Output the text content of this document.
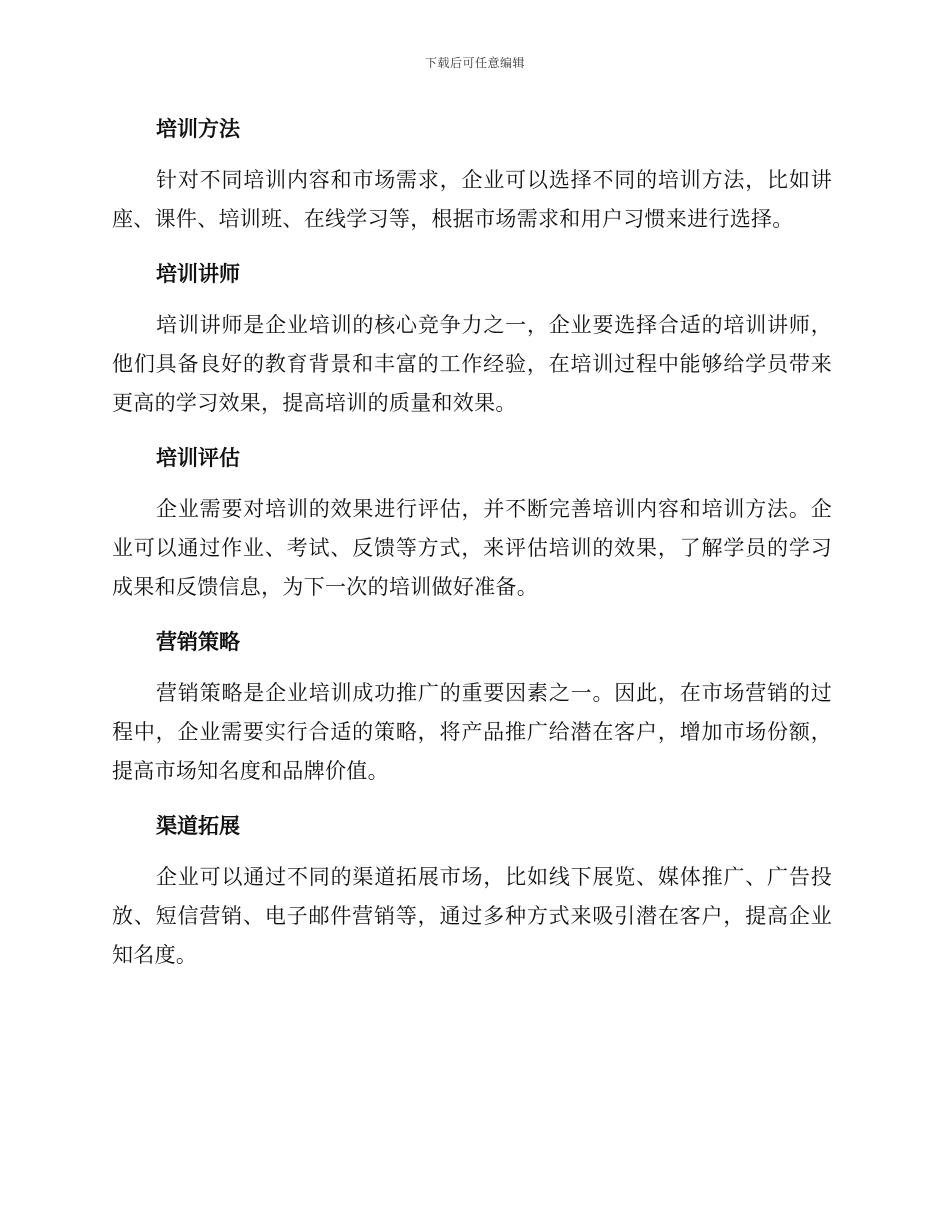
下载后可任意编辑
培训方法

针对不同培训内容和市场需求，企业可以选择不同的培训方法，比如讲座、课件、培训班、在线学习等，根据市场需求和用户习惯来进行选择。

培训讲师

培训讲师是企业培训的核心竞争力之一，企业要选择合适的培训讲师，他们具备良好的教育背景和丰富的工作经验，在培训过程中能够给学员带来更高的学习效果，提高培训的质量和效果。

培训评估

企业需要对培训的效果进行评估，并不断完善培训内容和培训方法。企业可以通过作业、考试、反馈等方式，来评估培训的效果，了解学员的学习成果和反馈信息，为下一次的培训做好准备。

营销策略

营销策略是企业培训成功推广的重要因素之一。因此，在市场营销的过程中，企业需要实行合适的策略，将产品推广给潜在客户，增加市场份额，提高市场知名度和品牌价值。

渠道拓展

企业可以通过不同的渠道拓展市场，比如线下展览、媒体推广、广告投放、短信营销、电子邮件营销等，通过多种方式来吸引潜在客户，提高企业知名度。
